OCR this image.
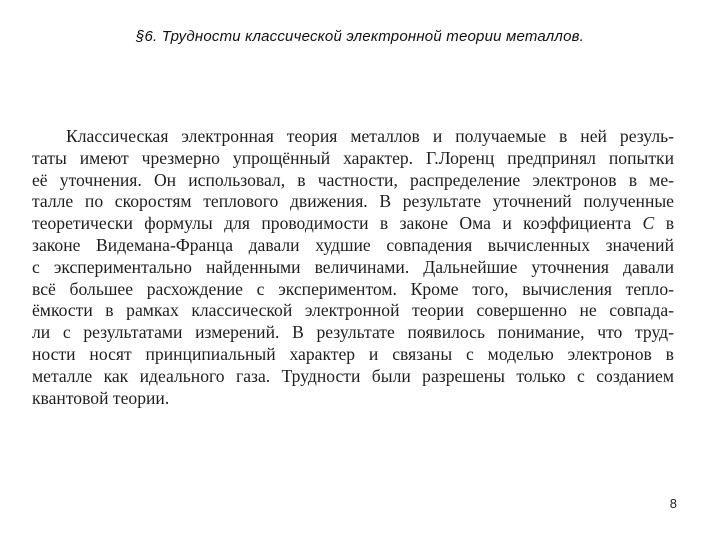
§6. Трудности классической электронной теории металлов.
Классическая электронная теория металлов и получаемые в ней резуль-
таты имеют чрезмерно упрощённый характер. Г.Лоренц предпринял попытки
её уточнения. Он использовал, в частности, распределение электронов в ме-
талле по скоростям теплового движения. В результате уточнений полученные
теоретически формулы для проводимости в законе Ома и коэффициента C в
законе Видемана-Франца давали худшие совпадения вычисленных значений
с экспериментально найденными величинами. Дальнейшие уточнения давали
всё большее расхождение с экспериментом. Кроме того, вычисления тепло-
ёмкости в рамках классической электронной теории совершенно не совпада-
ли с результатами измерений. В результате появилось понимание, что труд-
ности носят принципиальный характер и связаны с моделью электронов в
металле как идеального газа. Трудности были разрешены только с созданием
квантовой теории.
8
